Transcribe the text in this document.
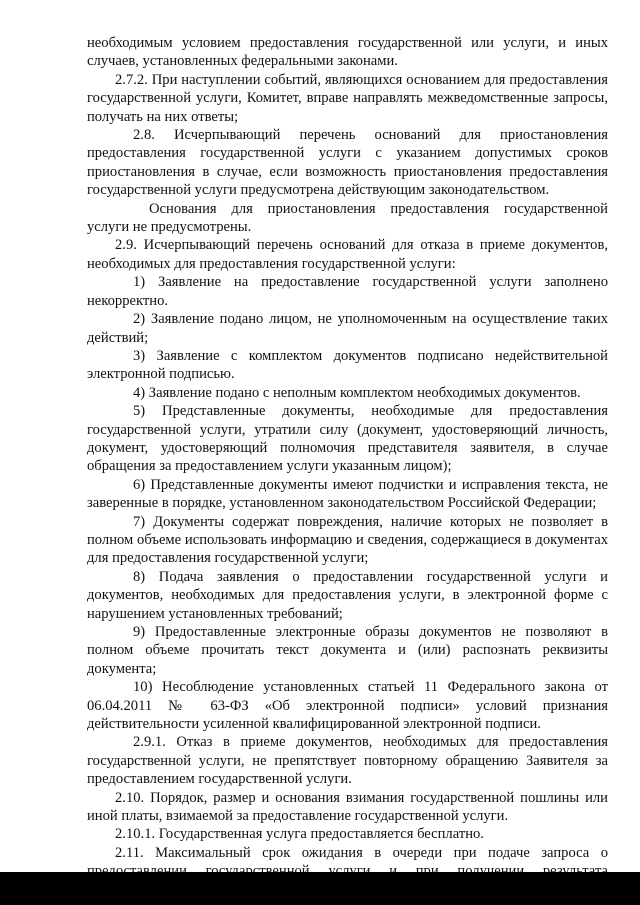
необходимым условием предоставления государственной или услуги, и иных случаев, установленных федеральными законами.

2.7.2. При наступлении событий, являющихся основанием для предоставления государственной услуги, Комитет, вправе направлять межведомственные запросы, получать на них ответы;

2.8. Исчерпывающий перечень оснований для приостановления предоставления государственной услуги с указанием допустимых сроков приостановления в случае, если возможность приостановления предоставления государственной услуги предусмотрена действующим законодательством.

Основания для приостановления предоставления государственной услуги не предусмотрены.

2.9. Исчерпывающий перечень оснований для отказа в приеме документов, необходимых для предоставления государственной услуги:

1) Заявление на предоставление государственной услуги заполнено некорректно.

2) Заявление подано лицом, не уполномоченным на осуществление таких действий;

3) Заявление с комплектом документов подписано недействительной электронной подписью.

4) Заявление подано с неполным комплектом необходимых документов.

5) Представленные документы, необходимые для предоставления государственной услуги, утратили силу (документ, удостоверяющий личность, документ, удостоверяющий полномочия представителя заявителя, в случае обращения за предоставлением услуги указанным лицом);

6) Представленные документы имеют подчистки и исправления текста, не заверенные в порядке, установленном законодательством Российской Федерации;

7) Документы содержат повреждения, наличие которых не позволяет в полном объеме использовать информацию и сведения, содержащиеся в документах для предоставления государственной услуги;

8) Подача заявления о предоставлении государственной услуги и документов, необходимых для предоставления услуги, в электронной форме с нарушением установленных требований;

9) Предоставленные электронные образы документов не позволяют в полном объеме прочитать текст документа и (или) распознать реквизиты документа;

10) Несоблюдение установленных статьей 11 Федерального закона от 06.04.2011 № 63-ФЗ «Об электронной подписи» условий признания действительности усиленной квалифицированной электронной подписи.

2.9.1. Отказ в приеме документов, необходимых для предоставления государственной услуги, не препятствует повторному обращению Заявителя за предоставлением государственной услуги.

2.10. Порядок, размер и основания взимания государственной пошлины или иной платы, взимаемой за предоставление государственной услуги.

2.10.1. Государственная услуга предоставляется бесплатно.

2.11. Максимальный срок ожидания в очереди при подаче запроса о
